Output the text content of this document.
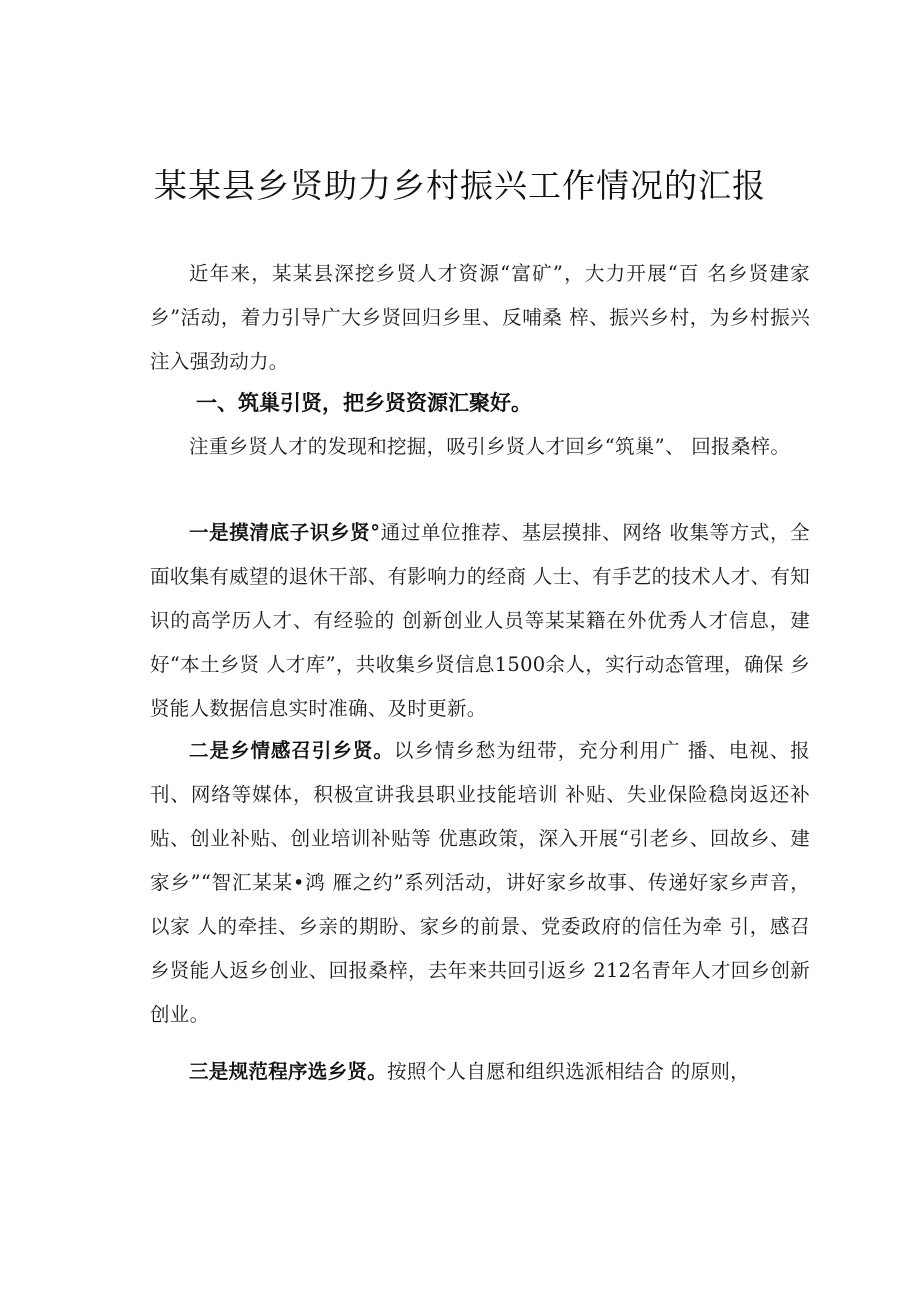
某某县乡贤助力乡村振兴工作情况的汇报

近年来，某某县深挖乡贤人才资源“富矿”，大力开展“百 名乡贤建家乡”活动，着力引导广大乡贤回归乡里、反哺桑 梓、振兴乡村，为乡村振兴注入强劲动力。

一、筑巢引贤，把乡贤资源汇聚好。

注重乡贤人才的发现和挖掘，吸引乡贤人才回乡“筑巢”、 回报桑梓。

一是摸清底子识乡贤°通过单位推荐、基层摸排、网络 收集等方式，全面收集有威望的退休干部、有影响力的经商 人士、有手艺的技术人才、有知识的高学历人才、有经验的 创新创业人员等某某籍在外优秀人才信息，建好“本土乡贤 人才库”，共收集乡贤信息1500余人，实行动态管理，确保 乡贤能人数据信息实时准确、及时更新。

二是乡情感召引乡贤。以乡情乡愁为纽带，充分利用广 播、电视、报刊、网络等媒体，积极宣讲我县职业技能培训 补贴、失业保险稳岗返还补贴、创业补贴、创业培训补贴等 优惠政策，深入开展“引老乡、回故乡、建家乡”“智汇某某•鸿 雁之约”系列活动，讲好家乡故事、传递好家乡声音，以家 人的牵挂、乡亲的期盼、家乡的前景、党委政府的信任为牵 引，感召乡贤能人返乡创业、回报桑梓，去年来共回引返乡 212名青年人才回乡创新创业。

三是规范程序选乡贤。按照个人自愿和组织选派相结合 的原则，
